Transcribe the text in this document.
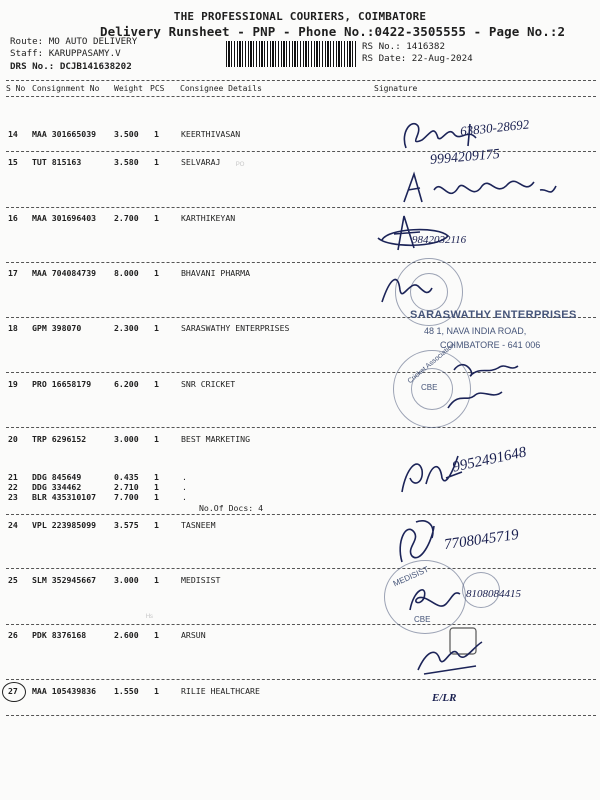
THE PROFESSIONAL COURIERS, COIMBATORE
Delivery Runsheet - PNP - Phone No.:0422-3505555 - Page No.:2
Route: MO AUTO DELIVERY
Staff: KARUPPASAMY.V
DRS No.: DCJB141638202
RS No.: 1416382
RS Date: 22-Aug-2024
S No Consignment No Weight PCS Consignee Details	Signature
14 MAA 301665039 3.500 1	KEERTHIVASAN
15 TUT 815163	3.580 1	SELVARAJ
16 MAA 301696403 2.700 1	KARTHIKEYAN
17 MAA 704084739 8.000 1	BHAVANI PHARMA
18 GPM 398070	2.300 1	SARASWATHY ENTERPRISES
19 PRO 16658179	6.200 1	SNR CRICKET
20 TRP 6296152	3.000 1	BEST MARKETING
21 DDG 845649	0.435 1	.
22 DDG 334462	2.710 1	.
23 BLR 435310107 7.700 1	.
No.Of Docs: 4
24 VPL 223985099 3.575 1	TASNEEM
25 SLM 352945667 3.000 1	MEDISIST
26 PDK 8376168	2.600 1	ARSUN
27 MAA 105439836 1.550 1	RILIE HEALTHCARE
ᴾᴼ
ᴴˢ
63830-28692
9994209175
9842032116
SARASWATHY ENTERPRISES
48 1, NAVA INDIA ROAD,
COIMBATORE - 641 006
Cricket Association
CBE
9952491648
7708045719
MEDISIST
CBE
8108084415
E/LR
